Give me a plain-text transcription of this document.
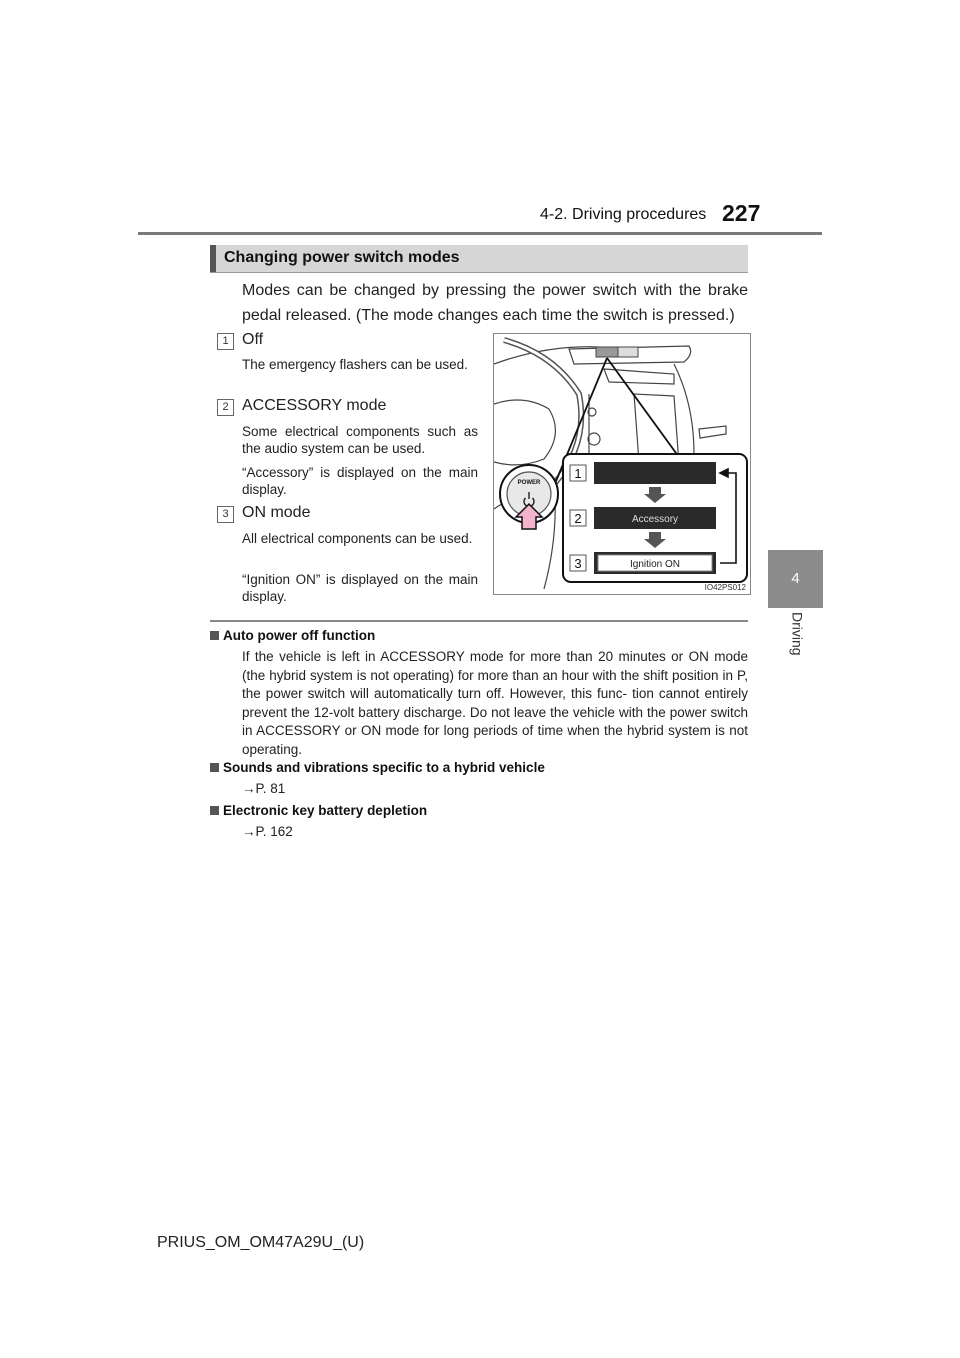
4-2. Driving procedures 227
4
Driving
Changing power switch modes
Modes can be changed by pressing the power switch with the brake pedal released. (The mode changes each time the switch is pressed.)
1 Off
The emergency flashers can be used.
2 ACCESSORY mode
Some electrical components such as the audio system can be used.
“Accessory” is displayed on the main display.
3 ON mode
All electrical components can be used.
“Ignition ON” is displayed on the main display.
POWER
Accessory
Ignition ON
1
2
3
IO42PS012
Auto power off function
If the vehicle is left in ACCESSORY mode for more than 20 minutes or ON mode (the hybrid system is not operating) for more than an hour with the shift position in P, the power switch will automatically turn off. However, this func- tion cannot entirely prevent the 12-volt battery discharge. Do not leave the vehicle with the power switch in ACCESSORY or ON mode for long periods of time when the hybrid system is not operating.
Sounds and vibrations specific to a hybrid vehicle
→P. 81
Electronic key battery depletion
→P. 162
PRIUS_OM_OM47A29U_(U)
